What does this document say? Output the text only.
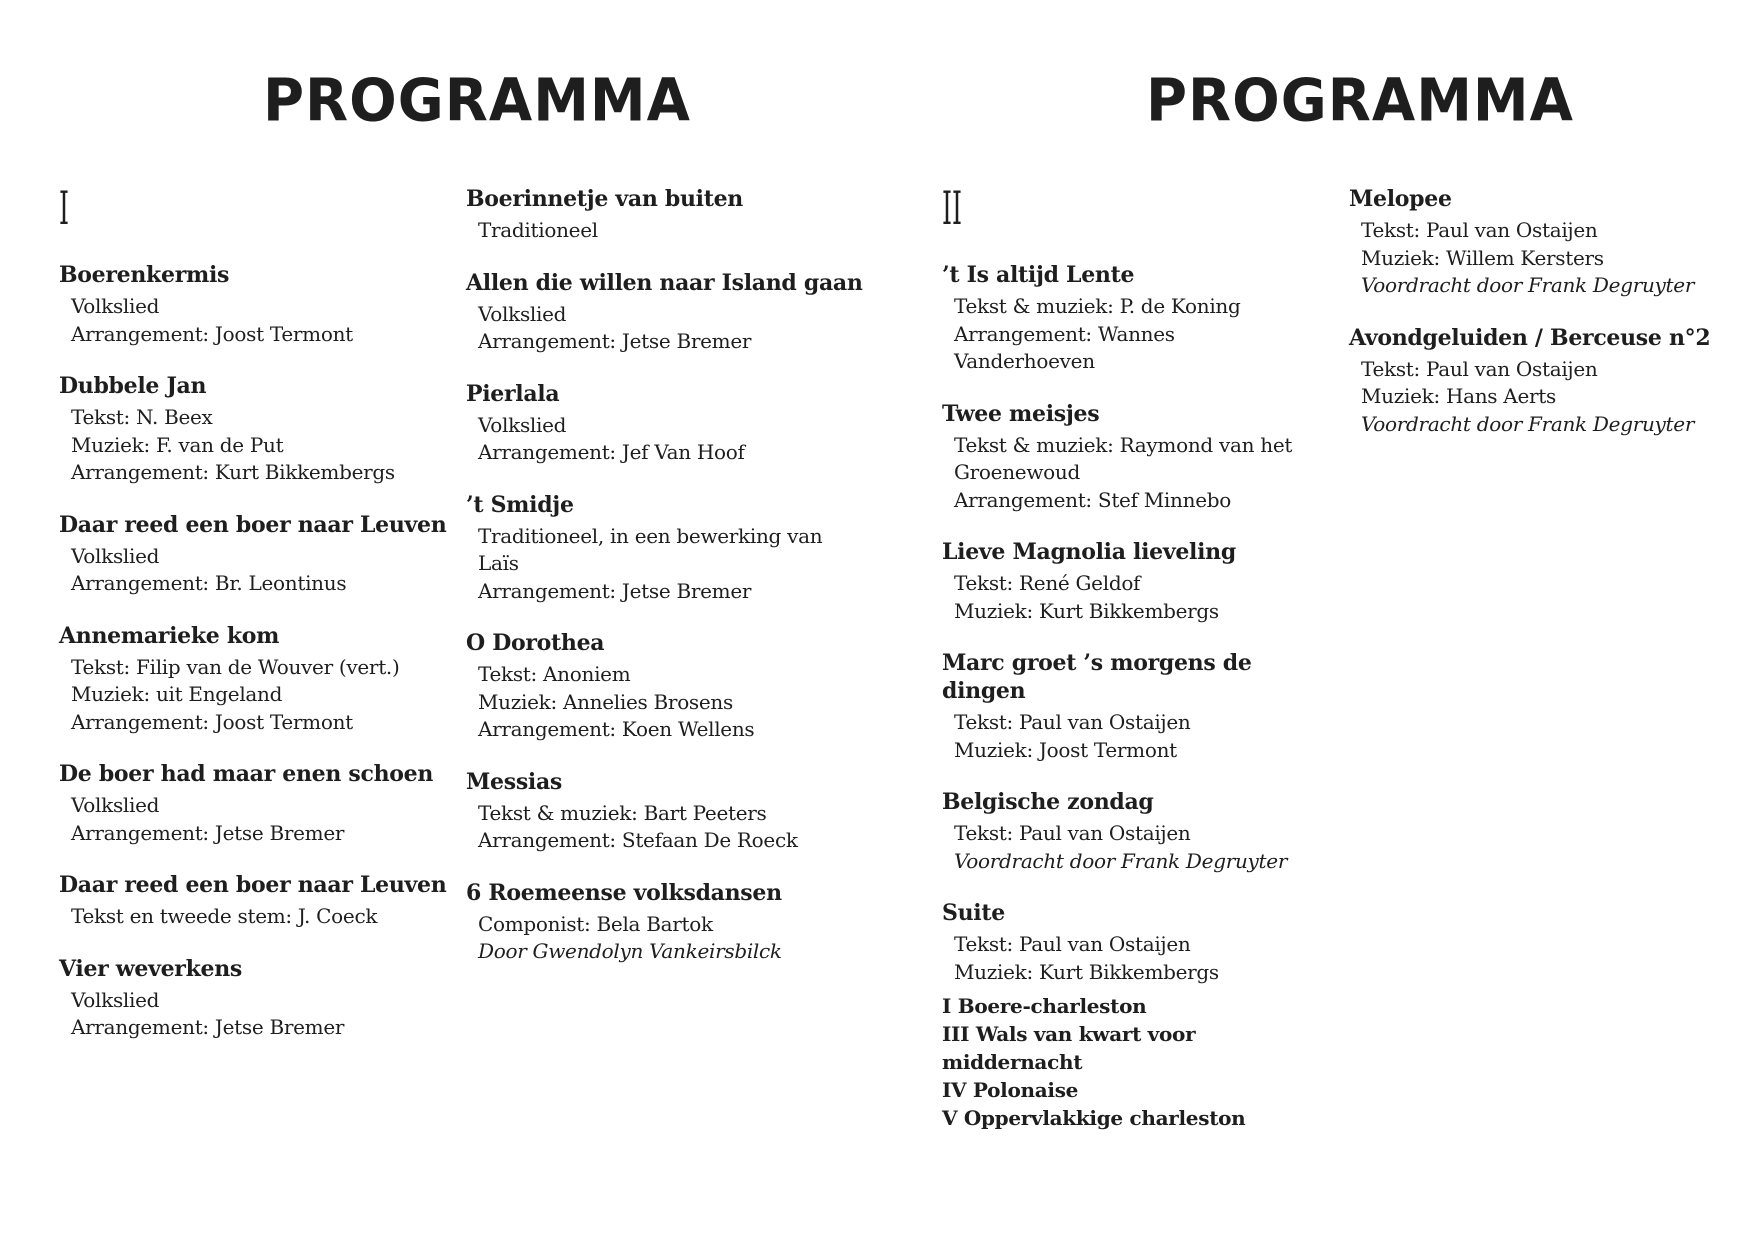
PROGRAMMA	PROGRAMMA
I
Boerenkermis
Volkslied
Arrangement: Joost Termont
Dubbele Jan
Tekst: N. Beex
Muziek: F. van de Put
Arrangement: Kurt Bikkembergs
Daar reed een boer naar Leuven
Volkslied
Arrangement: Br. Leontinus
Annemarieke kom
Tekst: Filip van de Wouver (vert.)
Muziek: uit Engeland
Arrangement: Joost Termont
De boer had maar enen schoen
Volkslied
Arrangement: Jetse Bremer
Daar reed een boer naar Leuven
Tekst en tweede stem: J. Coeck
Vier weverkens
Volkslied
Arrangement: Jetse Bremer
Boerinnetje van buiten
Traditioneel
Allen die willen naar Island gaan
Volkslied
Arrangement: Jetse Bremer
Pierlala
Volkslied
Arrangement: Jef Van Hoof
’t Smidje
Traditioneel, in een bewerking van
Laïs
Arrangement: Jetse Bremer
O Dorothea
Tekst: Anoniem
Muziek: Annelies Brosens
Arrangement: Koen Wellens
Messias
Tekst & muziek: Bart Peeters
Arrangement: Stefaan De Roeck
6 Roemeense volksdansen
Componist: Bela Bartok
Door Gwendolyn Vankeirsbilck
II
’t Is altijd Lente
Tekst & muziek: P. de Koning
Arrangement: Wannes
Vanderhoeven
Twee meisjes
Tekst & muziek: Raymond van het
Groenewoud
Arrangement: Stef Minnebo
Lieve Magnolia lieveling
Tekst: René Geldof
Muziek: Kurt Bikkembergs
Marc groet ’s morgens de dingen
Tekst: Paul van Ostaijen
Muziek: Joost Termont
Belgische zondag
Tekst: Paul van Ostaijen
Voordracht door Frank Degruyter
Suite
Tekst: Paul van Ostaijen
Muziek: Kurt Bikkembergs
I Boere-charleston
III Wals van kwart voor middernacht
IV Polonaise
V Oppervlakkige charleston
Melopee
Tekst: Paul van Ostaijen
Muziek: Willem Kersters
Voordracht door Frank Degruyter
Avondgeluiden / Berceuse n°2
Tekst: Paul van Ostaijen
Muziek: Hans Aerts
Voordracht door Frank Degruyter
